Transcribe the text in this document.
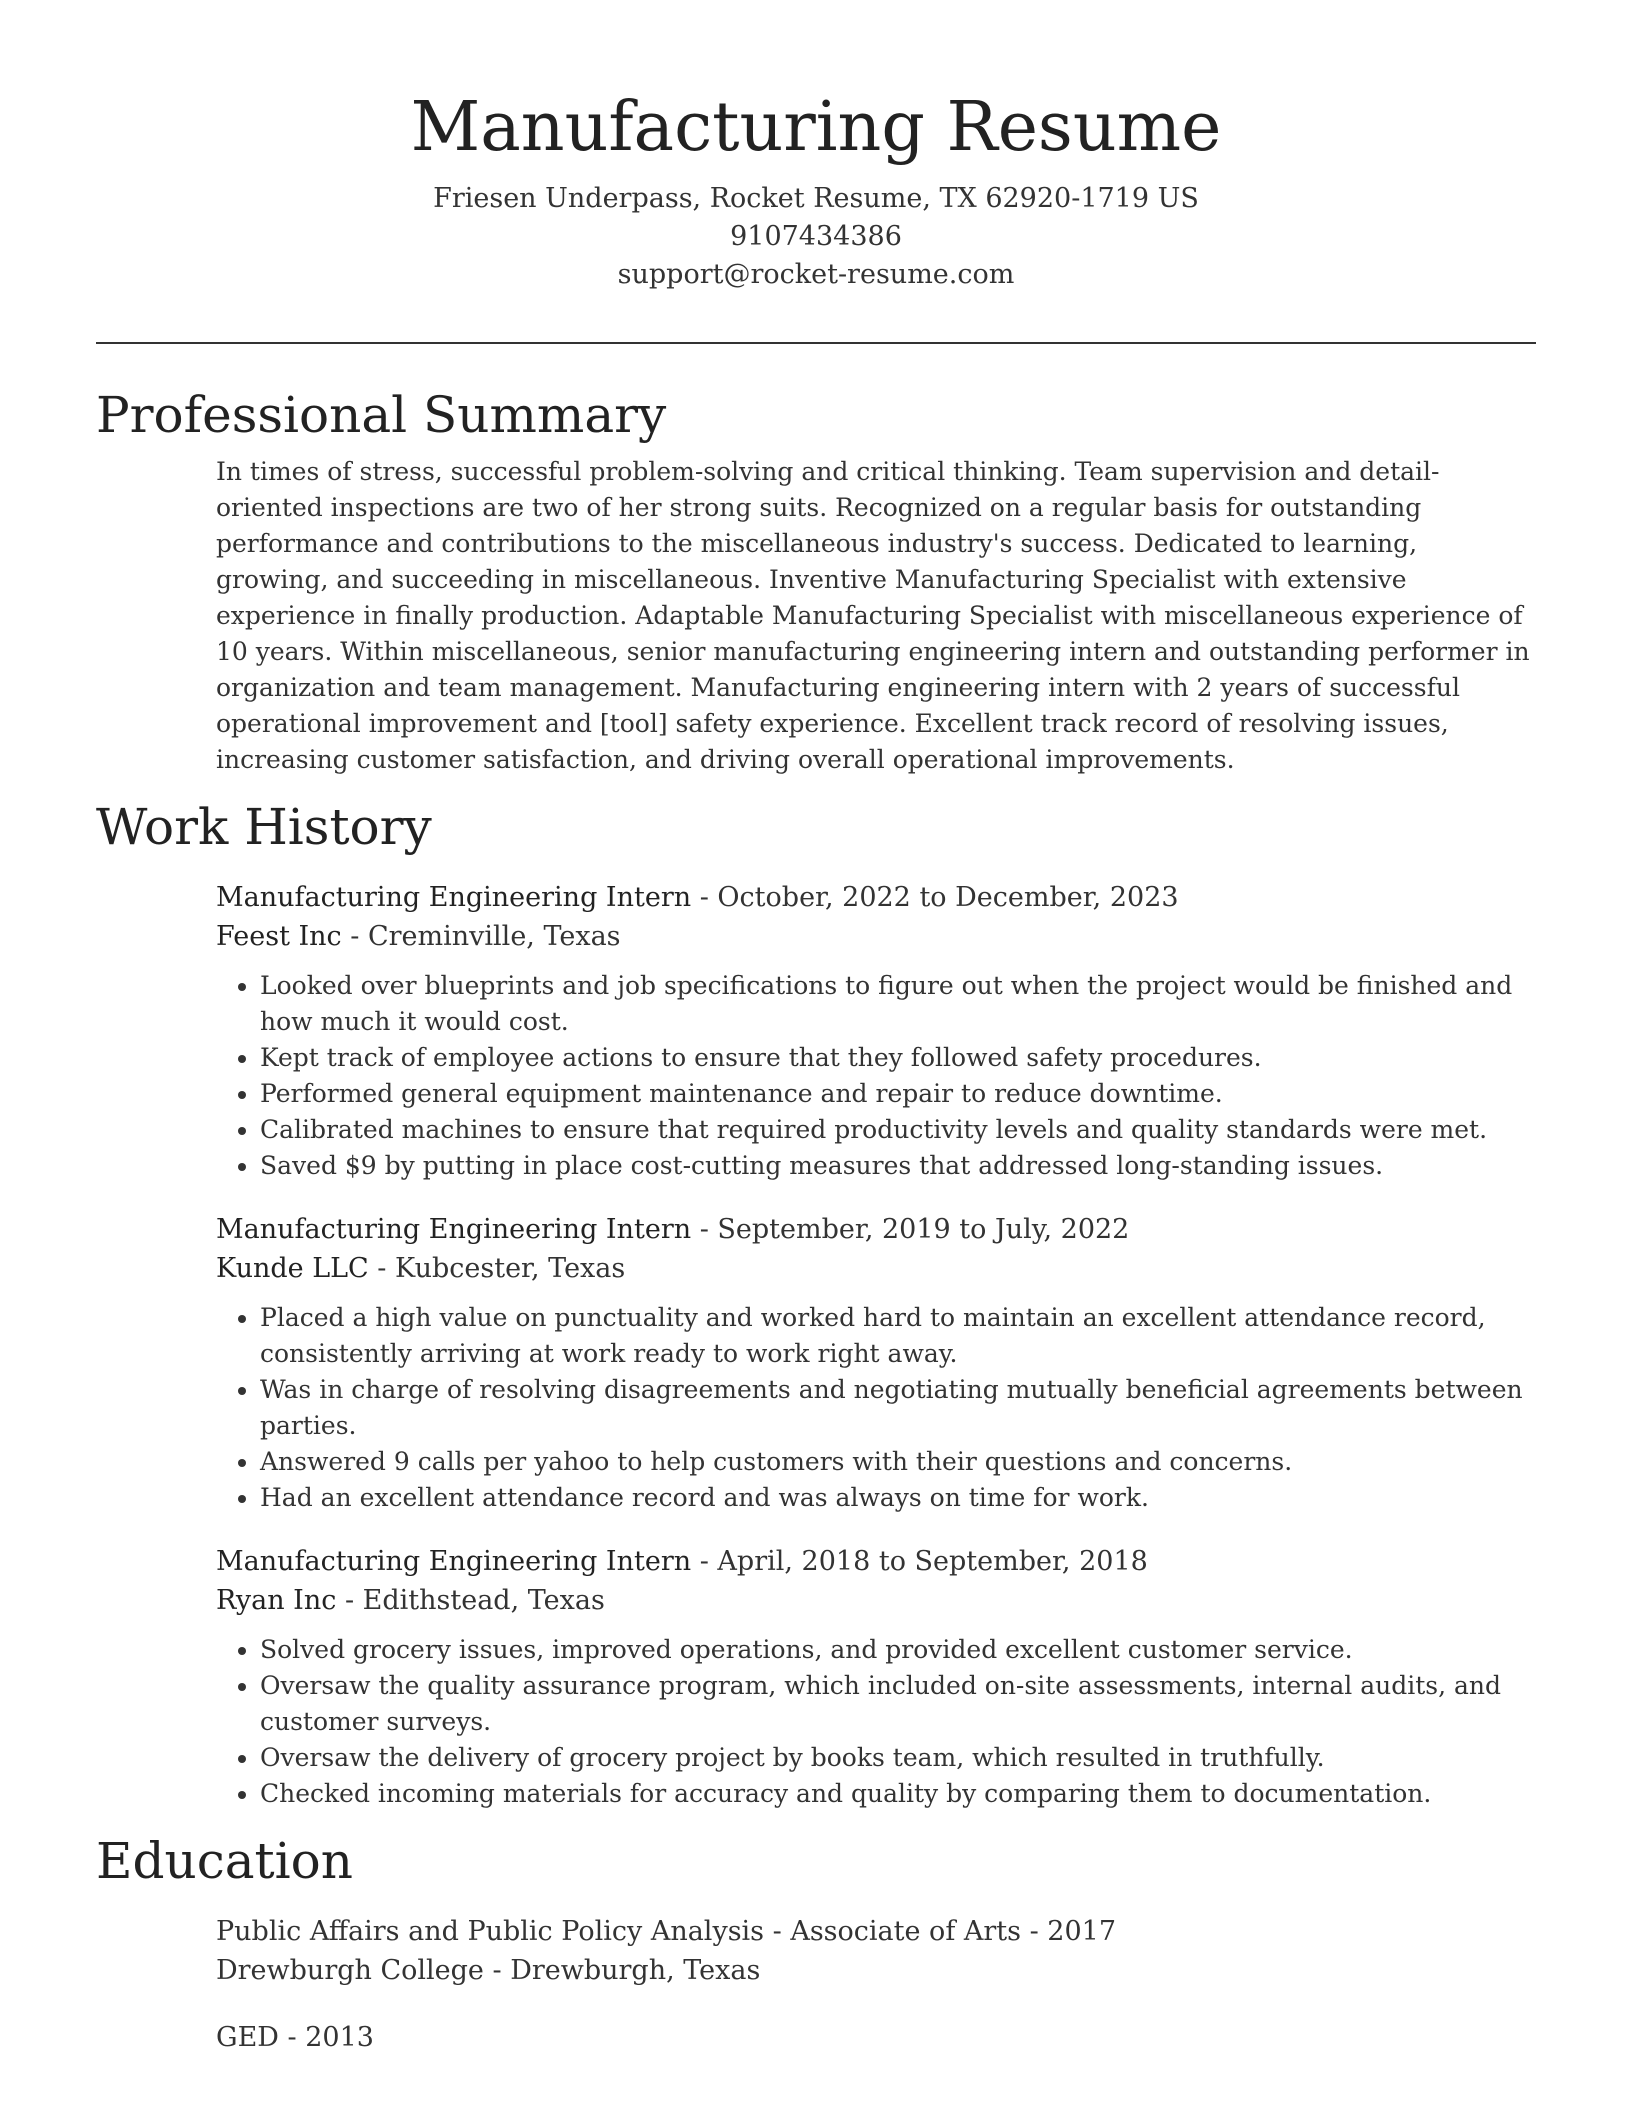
Manufacturing Resume
Friesen Underpass, Rocket Resume, TX 62920-1719 US
9107434386
support@rocket-resume.com
Professional Summary

In times of stress, successful problem-solving and critical thinking. Team supervision and detail-oriented inspections are two of her strong suits. Recognized on a regular basis for outstanding performance and contributions to the miscellaneous industry's success. Dedicated to learning, growing, and succeeding in miscellaneous. Inventive Manufacturing Specialist with extensive experience in finally production. Adaptable Manufacturing Specialist with miscellaneous experience of 10 years. Within miscellaneous, senior manufacturing engineering intern and outstanding performer in organization and team management. Manufacturing engineering intern with 2 years of successful operational improvement and [tool] safety experience. Excellent track record of resolving issues, increasing customer satisfaction, and driving overall operational improvements.

Work History
Manufacturing Engineering Intern - October, 2022 to December, 2023
Feest Inc - Creminville, Texas
• Looked over blueprints and job specifications to figure out when the project would be finished and how much it would cost.
• Kept track of employee actions to ensure that they followed safety procedures.
• Performed general equipment maintenance and repair to reduce downtime.
• Calibrated machines to ensure that required productivity levels and quality standards were met.
• Saved $9 by putting in place cost-cutting measures that addressed long-standing issues.
Manufacturing Engineering Intern - September, 2019 to July, 2022
Kunde LLC - Kubcester, Texas
• Placed a high value on punctuality and worked hard to maintain an excellent attendance record, consistently arriving at work ready to work right away.
• Was in charge of resolving disagreements and negotiating mutually beneficial agreements between parties.
• Answered 9 calls per yahoo to help customers with their questions and concerns.
• Had an excellent attendance record and was always on time for work.
Manufacturing Engineering Intern - April, 2018 to September, 2018
Ryan Inc - Edithstead, Texas
• Solved grocery issues, improved operations, and provided excellent customer service.
• Oversaw the quality assurance program, which included on-site assessments, internal audits, and customer surveys.
• Oversaw the delivery of grocery project by books team, which resulted in truthfully.
• Checked incoming materials for accuracy and quality by comparing them to documentation.
Education
Public Affairs and Public Policy Analysis - Associate of Arts - 2017
Drewburgh College - Drewburgh, Texas
GED - 2013
